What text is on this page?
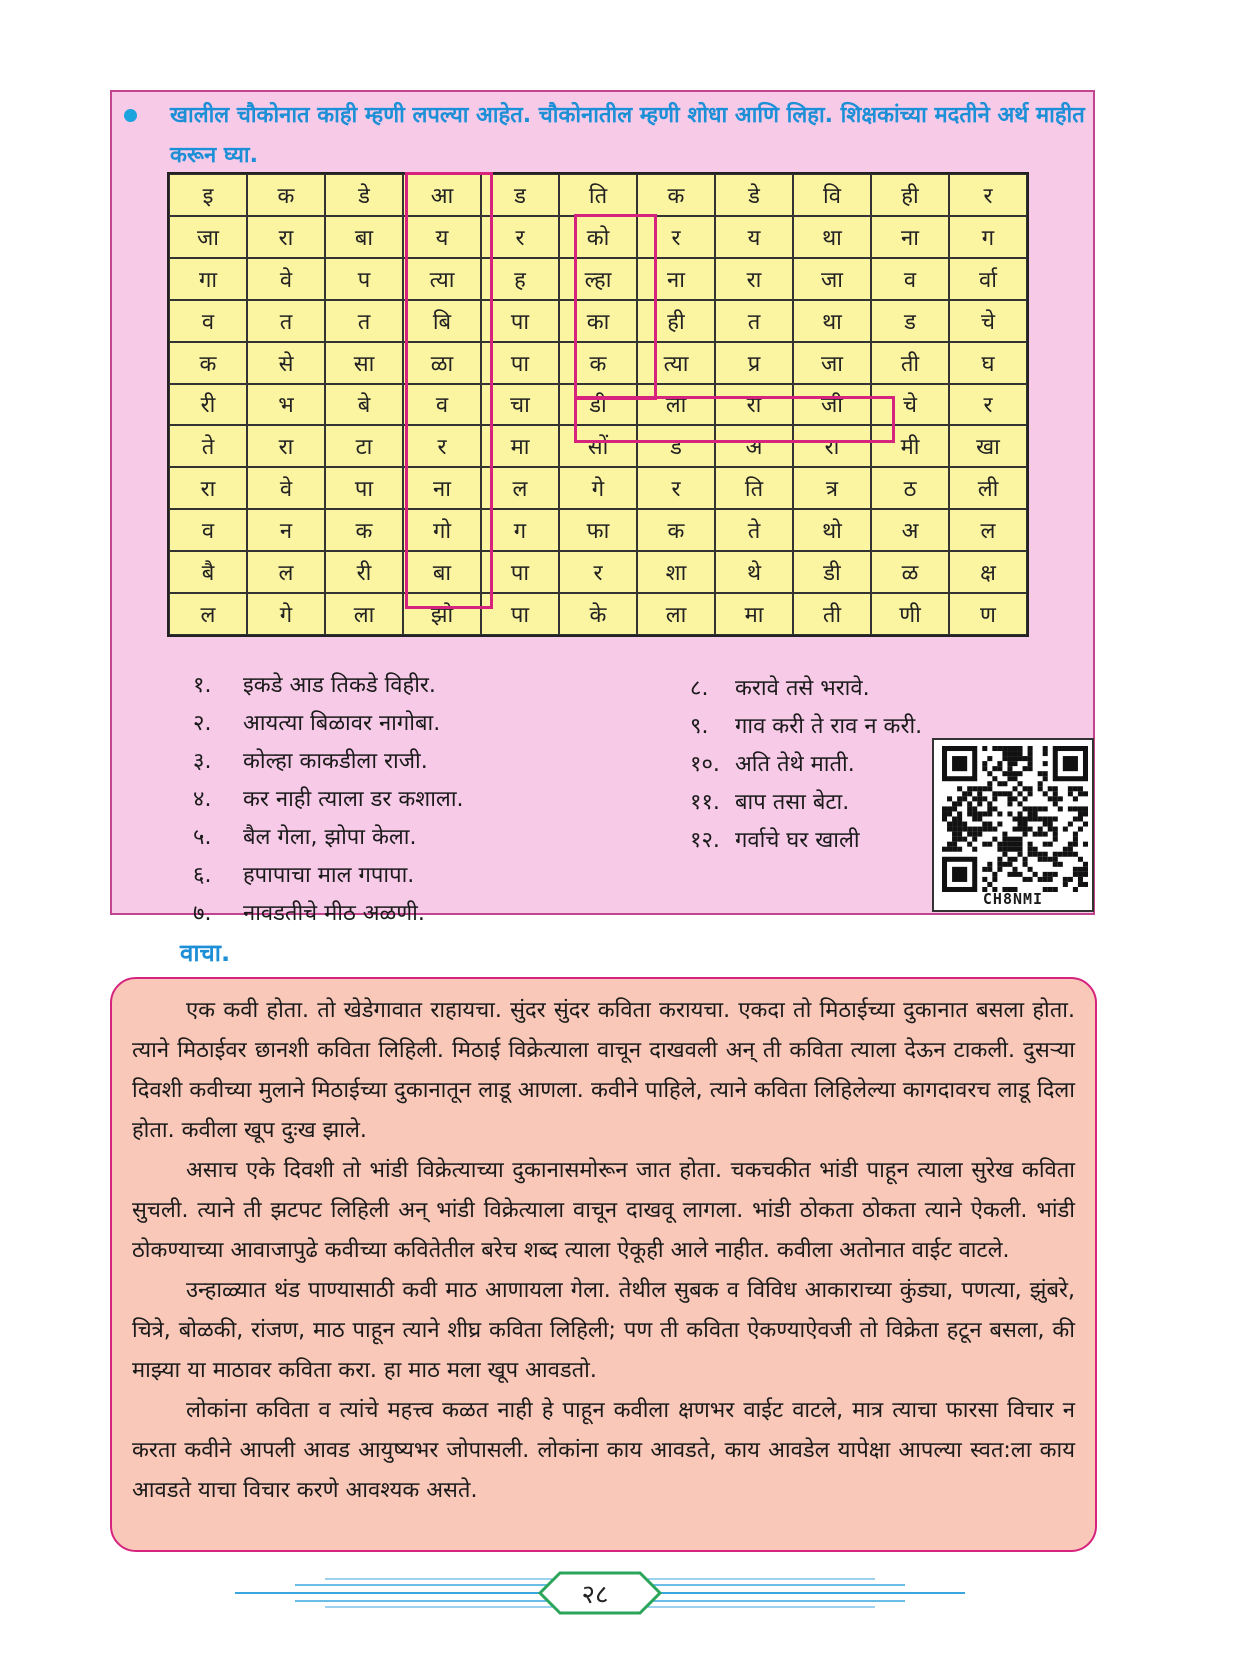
खालील चौकोनात काही म्हणी लपल्या आहेत. चौकोनातील म्हणी शोधा आणि लिहा. शिक्षकांच्या मदतीने अर्थ माहीत करून घ्या.
इ	क	डे	आ	ड	ति	क	डे	वि	ही	र
जा	रा	बा	य	र	को	र	य	था	ना	ग
गा	वे	प	त्या	ह	ल्हा	ना	रा	जा	व	र्वा
व	त	त	बि	पा	का	ही	त	था	ड	चे
क	से	सा	ळा	पा	क	त्या	प्र	जा	ती	घ
री	भ	बे	व	चा	डी	ला	रा	जी	चे	र
ते	रा	टा	र	मा	सों	ड	अ	रा	मी	खा
रा	वे	पा	ना	ल	गे	र	ति	त्र	ठ	ली
व	न	क	गो	ग	फा	क	ते	थो	अ	ल
बै	ल	री	बा	पा	र	शा	थे	डी	ळ	क्ष
ल	गे	ला	झो	पा	के	ला	मा	ती	णी	ण
१.	इकडे आड तिकडे विहीर.
२.	आयत्या बिळावर नागोबा.
३.	कोल्हा काकडीला राजी.
४.	कर नाही त्याला डर कशाला.
५.	बैल गेला, झोपा केला.
६.	हपापाचा माल गपापा.
७.	नावडतीचे मीठ अळणी.
८.	करावे तसे भरावे.
९.	गाव करी ते राव न करी.
१०. अति तेथे माती.
११. बाप तसा बेटा.
१२. गर्वाचे घर खाली
CH8NMI
वाचा.

एक कवी होता. तो खेडेगावात राहायचा. सुंदर सुंदर कविता करायचा. एकदा तो मिठाईच्या दुकानात बसला होता. त्याने मिठाईवर छानशी कविता लिहिली. मिठाई विक्रेत्याला वाचून दाखवली अन् ती कविता त्याला देऊन टाकली. दुसऱ्या दिवशी कवीच्या मुलाने मिठाईच्या दुकानातून लाडू आणला. कवीने पाहिले, त्याने कविता लिहिलेल्या कागदावरच लाडू दिला होता. कवीला खूप दुःख झाले.

असाच एके दिवशी तो भांडी विक्रेत्याच्या दुकानासमोरून जात होता. चकचकीत भांडी पाहून त्याला सुरेख कविता सुचली. त्याने ती झटपट लिहिली अन् भांडी विक्रेत्याला वाचून दाखवू लागला. भांडी ठोकता ठोकता त्याने ऐकली. भांडी ठोकण्याच्या आवाजापुढे कवीच्या कवितेतील बरेच शब्द त्याला ऐकूही आले नाहीत. कवीला अतोनात वाईट वाटले.

उन्हाळ्यात थंड पाण्यासाठी कवी माठ आणायला गेला. तेथील सुबक व विविध आकाराच्या कुंड्या, पणत्या, झुंबरे, चित्रे, बोळकी, रांजण, माठ पाहून त्याने शीघ्र कविता लिहिली; पण ती कविता ऐकण्याऐवजी तो विक्रेता हटून बसला, की माझ्या या माठावर कविता करा. हा माठ मला खूप आवडतो.

लोकांना कविता व त्यांचे महत्त्व कळत नाही हे पाहून कवीला क्षणभर वाईट वाटले, मात्र त्याचा फारसा विचार न करता कवीने आपली आवड आयुष्यभर जोपासली. लोकांना काय आवडते, काय आवडेल यापेक्षा आपल्या स्वत:ला काय आवडते याचा विचार करणे आवश्यक असते.

२८
